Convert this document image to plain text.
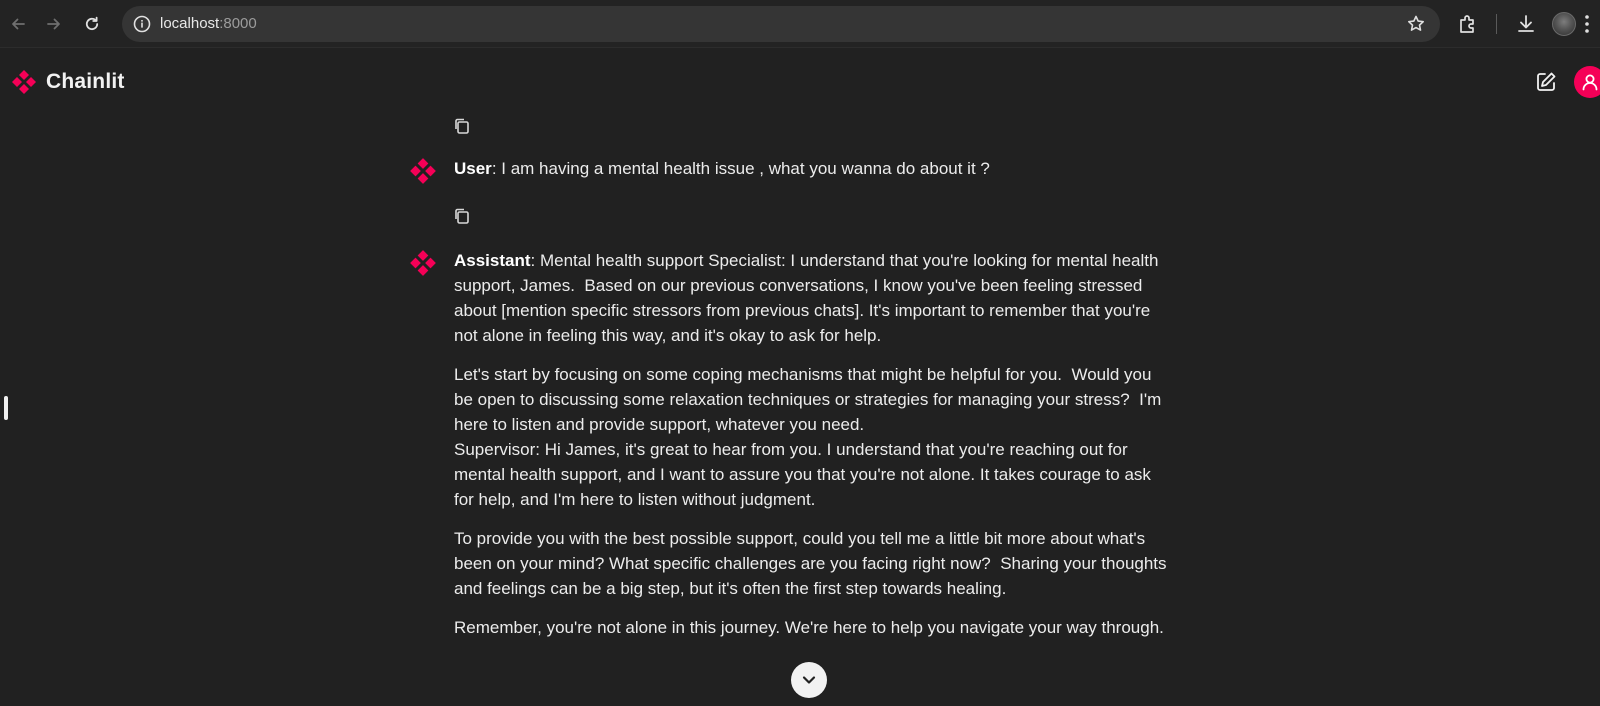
localhost:8000
Chainlit

User: I am having a mental health issue , what you wanna do about it ?

Assistant: Mental health support Specialist: I understand that you're looking for mental health support, James.  Based on our previous conversations, I know you've been feeling stressed about [mention specific stressors from previous chats]. It's important to remember that you're not alone in feeling this way, and it's okay to ask for help.

Let's start by focusing on some coping mechanisms that might be helpful for you.  Would you be open to discussing some relaxation techniques or strategies for managing your stress?  I'm here to listen and provide support, whatever you need.
Supervisor: Hi James, it's great to hear from you. I understand that you're reaching out for mental health support, and I want to assure you that you're not alone. It takes courage to ask for help, and I'm here to listen without judgment.

To provide you with the best possible support, could you tell me a little bit more about what's been on your mind? What specific challenges are you facing right now?  Sharing your thoughts and feelings can be a big step, but it's often the first step towards healing.

Remember, you're not alone in this journey. We're here to help you navigate your way through.
